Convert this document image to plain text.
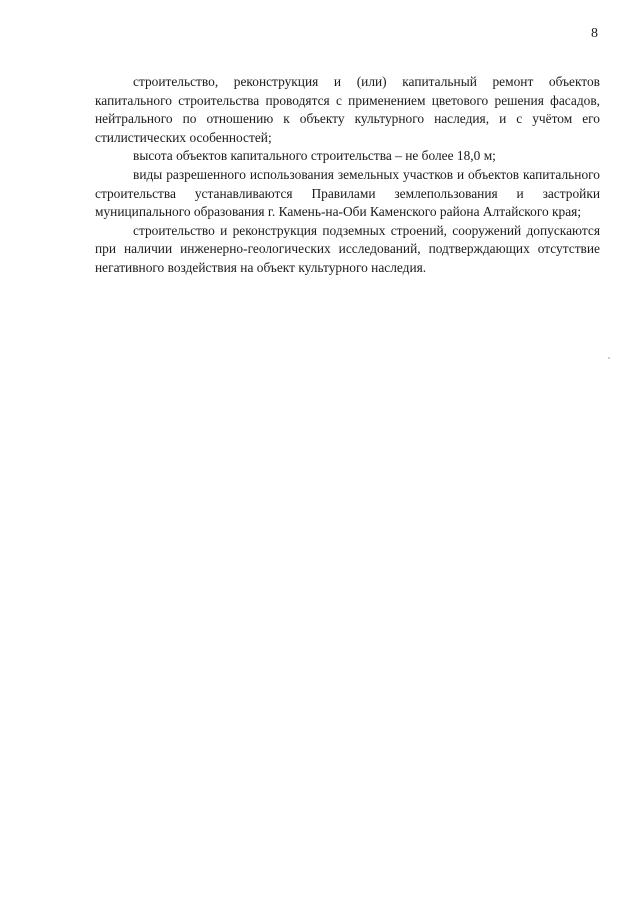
8

строительство, реконструкция и (или) капитальный ремонт объектов капитального строительства проводятся с применением цветового решения фасадов, нейтрального по отношению к объекту культурного наследия, и с учётом его стилистических особенностей;

высота объектов капитального строительства – не более 18,0 м;

виды разрешенного использования земельных участков и объектов капитального строительства устанавливаются Правилами землепользования и застройки муниципального образования г. Камень-на-Оби Каменского района Алтайского края;

строительство и реконструкция подземных строений, сооружений допускаются при наличии инженерно-геологических исследований, подтверждающих отсутствие негативного воздействия на объект культурного наследия.
